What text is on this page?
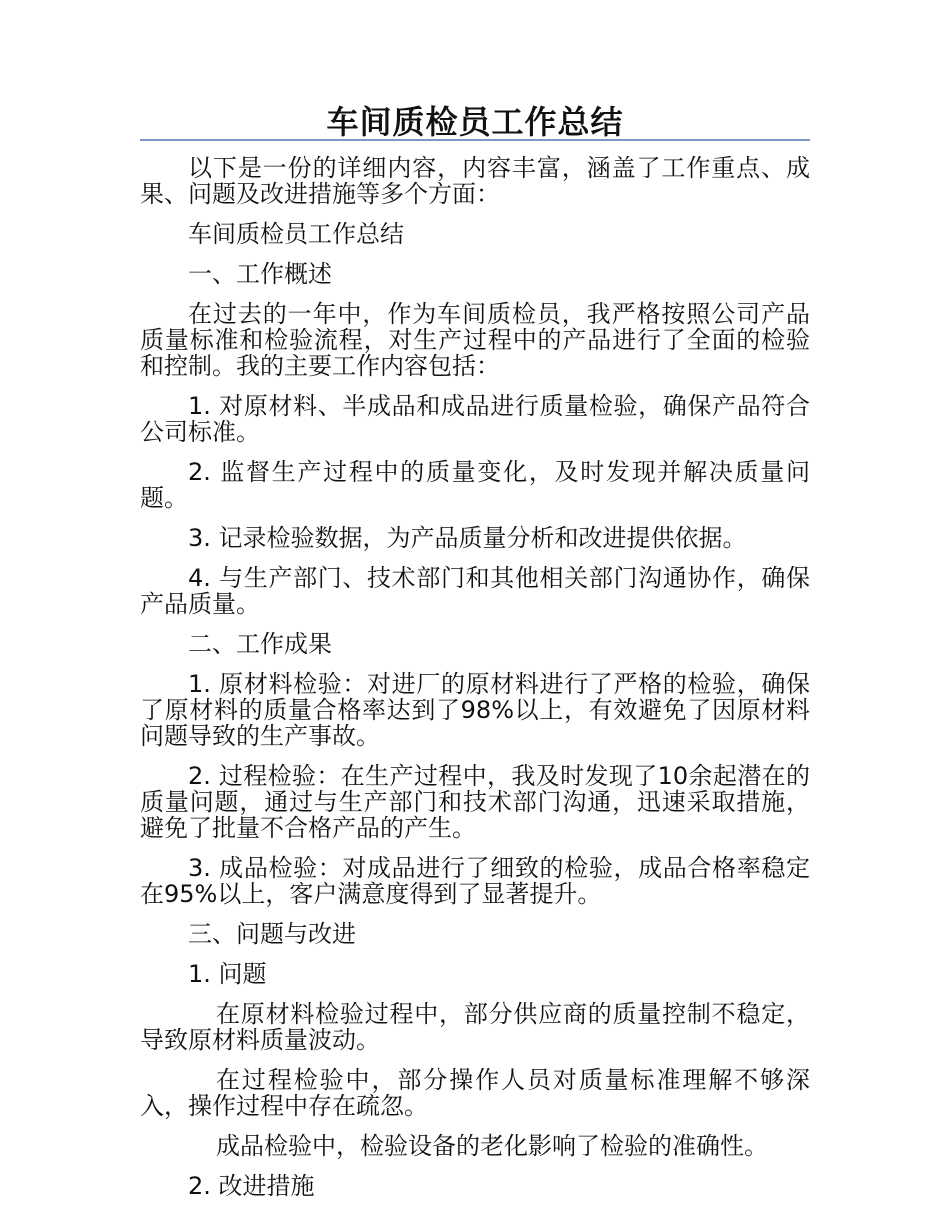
车间质检员工作总结

以下是一份的详细内容，内容丰富，涵盖了工作重点、成果、问题及改进措施等多个方面：

车间质检员工作总结

一、工作概述

在过去的一年中，作为车间质检员，我严格按照公司产品质量标准和检验流程，对生产过程中的产品进行了全面的检验和控制。我的主要工作内容包括：

1. 对原材料、半成品和成品进行质量检验，确保产品符合公司标准。

2. 监督生产过程中的质量变化，及时发现并解决质量问题。

3. 记录检验数据，为产品质量分析和改进提供依据。

4. 与生产部门、技术部门和其他相关部门沟通协作，确保产品质量。

二、工作成果

1. 原材料检验：对进厂的原材料进行了严格的检验，确保了原材料的质量合格率达到了98%以上，有效避免了因原材料问题导致的生产事故。

2. 过程检验：在生产过程中，我及时发现了10余起潜在的质量问题，通过与生产部门和技术部门沟通，迅速采取措施，避免了批量不合格产品的产生。

3. 成品检验：对成品进行了细致的检验，成品合格率稳定在95%以上，客户满意度得到了显著提升。

三、问题与改进

1. 问题

在原材料检验过程中，部分供应商的质量控制不稳定，导致原材料质量波动。

在过程检验中，部分操作人员对质量标准理解不够深入，操作过程中存在疏忽。

成品检验中，检验设备的老化影响了检验的准确性。

2. 改进措施
